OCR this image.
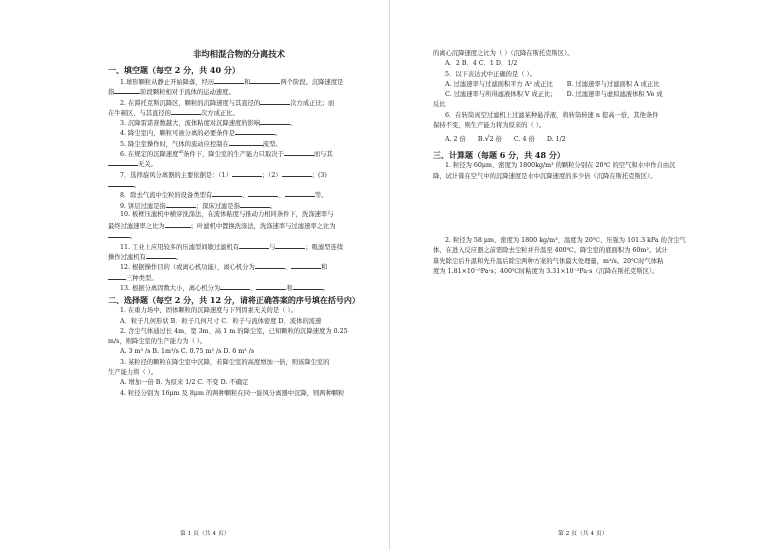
非均相混合物的分离技术
一、填空题（每空 2 分，共 40 分）
1.球形颗粒从静止开始降落，经历	和	两个阶段。沉降速度是
指	阶段颗粒相对于流体的运动速度。
2. 在滞托克斯沉降区，颗粒的沉降速度与其直径的	次方成正比；而
在牛顿区，与其直径的	次方成正比。
3. 沉降雷诺准数越大，流体粘度对沉降速度的影响	。
4. 降尘室内，颗粒可被分离的必要条件是	。
5. 降尘室操作时，气体的流动应控制在	流型。
6. 在规定的沉降速度$^{ut}$条件下，降尘室的生产能力只取决于	而与其
无关。
7．选择旋风分离器的主要依据是：（1）	；（2）	；(3)
。
8．除去气流中尘粒的设备类型有	、	、	等。
9. 饼层过滤是指	；深床过滤是指	。
10. 板框压滤机中横穿洗涤法，在流体粘度与推动力相同条件下，洗涤速率与
最终过滤速率之比为	；叶滤机中置换洗涤法，洗涤速率与过滤速率之比为
。
11. 工业上应用较多的压滤型间歇过滤机有	与	；吸滤型连续
操作过滤机有	。
12. 根据操作目的（或离心机功能），离心机分为	、	和
三种类型。
13. 根据分离因数大小，离心机分为	、	和	。
二、选择题（每空 2 分，共 12 分，请将正确答案的序号填在括号内）
1. 在重力场中，固体颗粒的沉降速度与下列因素无关的是（ ）。
A．粒子几何形状 B．粒子几何尺寸 C．粒子与流体密度 D．流体的流速
2. 含尘气体通过长 4m、宽 3m、高 1 m 的降尘室，已知颗粒的沉降速度为 0.25
m/s，则降尘室的生产能力为（ ）。
A. 3 m³ /s B. 1m³/s C. 0.75 m³ /s D. 6 m³ /s
3. 某粒径的颗粒在降尘室中沉降，若降尘室的高度增加一倍，则该降尘室的
生产能力将（ ）。
A. 增加一倍 B. 为原来 1/2 C. 不变 D. 不确定
4. 粒径分别为 16μm 及 8μm 的两种颗粒在同一旋风分离器中沉降，则两种颗粒
第 1 页（共 4 页）
的离心沉降速度之比为（ ）（沉降在斯托克斯区）。
A．2 B．4 C．1 D．1/2
5．以下表达式中正确的是（ ）。
A. 过滤速率与过滤面积平方 A² 成正比 B. 过滤速率与过滤面积 A 成正比
C. 过滤速率与所得滤液体积 V 成正比； D. 过滤速率与虚拟滤液体积 Ve 成
反比
6．在转筒真空过滤机上过滤某种悬浮液，将转筒转速 n 提高一倍，其他条件
保持不变，则生产能力将为原来的（ ）。
A. 2 倍 B.√2 倍 C. 4 倍 D. 1/2
三、计算题（每题 6 分，共 48 分）
1. 粒径为 60μm、密度为 1800kg/m³ 的颗粒分别在 20℃ 的空气和水中作自由沉
降，试计算在空气中的沉降速度是水中沉降速度的多少倍（沉降在斯托克斯区）。
2. 粒径为 58 μm、密度为 1800 kg/m³、温度为 20℃、压强为 101.3 kPa 的含尘气
体，在进入反应器之前需除去尘粒并升温至 400℃。降尘室的底面积为 60m²。试计
算先除尘后升温和先升温后除尘两种方案的气体最大处理量，m³/s。20℃时气体粘
度为 1.81×10⁻⁵Pa·s；400℃时粘度为 3.31×10⁻⁵Pa·s（沉降在斯托克斯区）。
第 2 页（共 4 页）
